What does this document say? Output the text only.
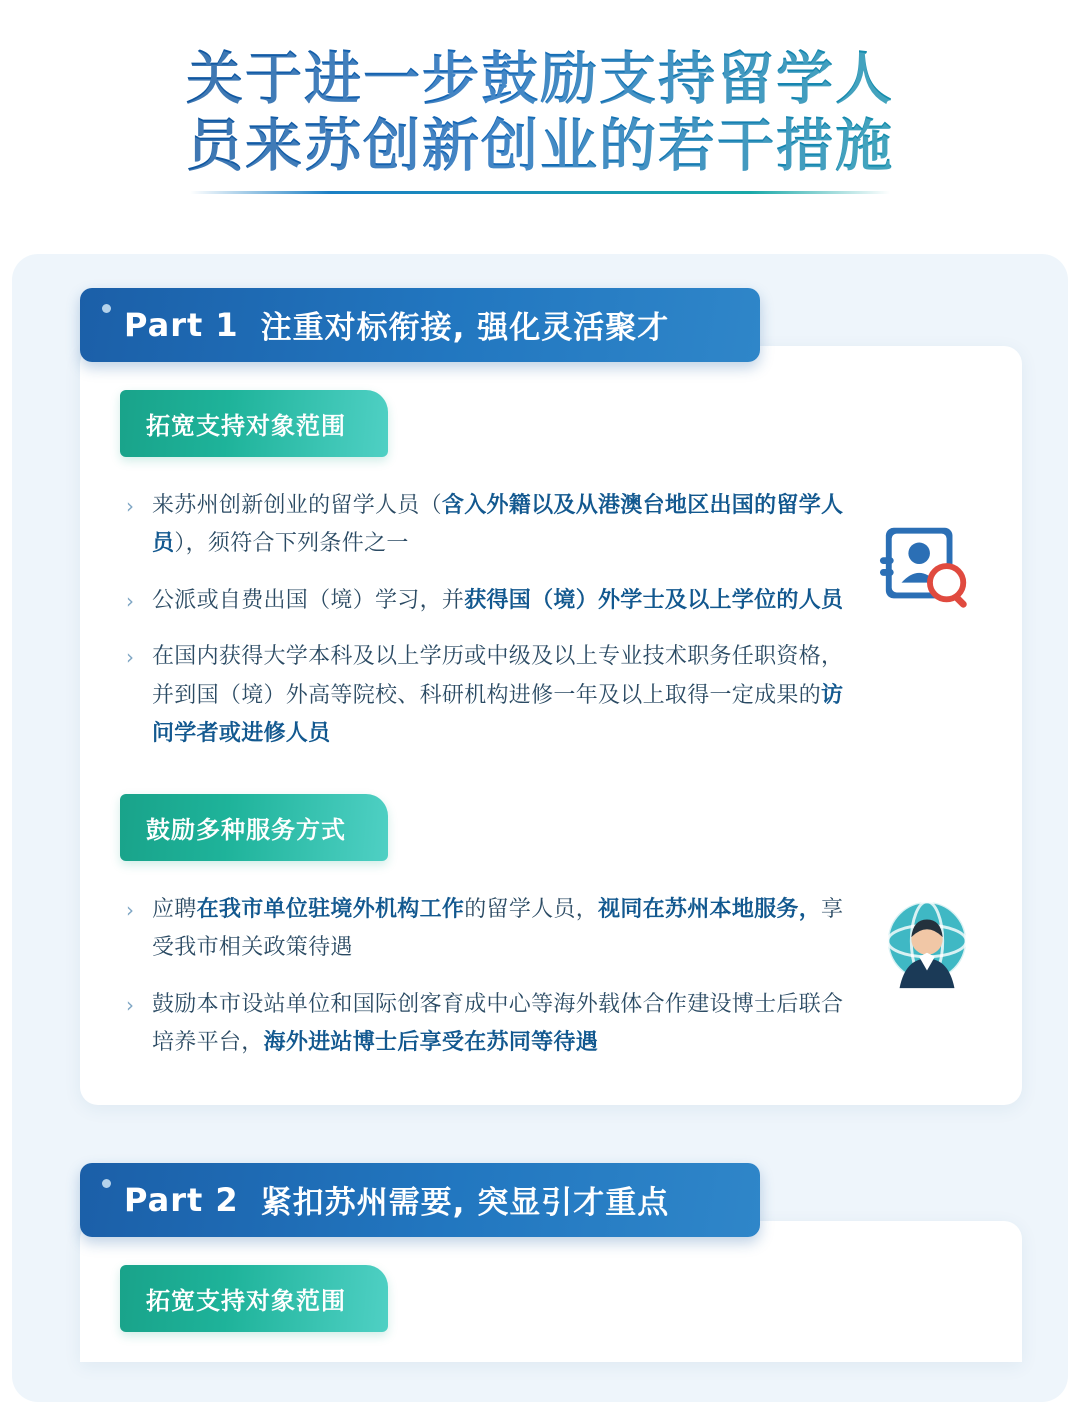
关于进一步鼓励支持留学人
员来苏创新创业的若干措施
Part 1 注重对标衔接, 强化灵活聚才
拓宽支持对象范围
› 来苏州创新创业的留学人员（含入外籍以及从港澳台地区出国的留学人员），须符合下列条件之一
› 公派或自费出国（境）学习，并获得国（境）外学士及以上学位的人员
› 在国内获得大学本科及以上学历或中级及以上专业技术职务任职资格，并到国（境）外高等院校、科研机构进修一年及以上取得一定成果的访问学者或进修人员
鼓励多种服务方式
› 应聘在我市单位驻境外机构工作的留学人员，视同在苏州本地服务，享受我市相关政策待遇
› 鼓励本市设站单位和国际创客育成中心等海外载体合作建设博士后联合培养平台，海外进站博士后享受在苏同等待遇
Part 2 紧扣苏州需要, 突显引才重点
拓宽支持对象范围
